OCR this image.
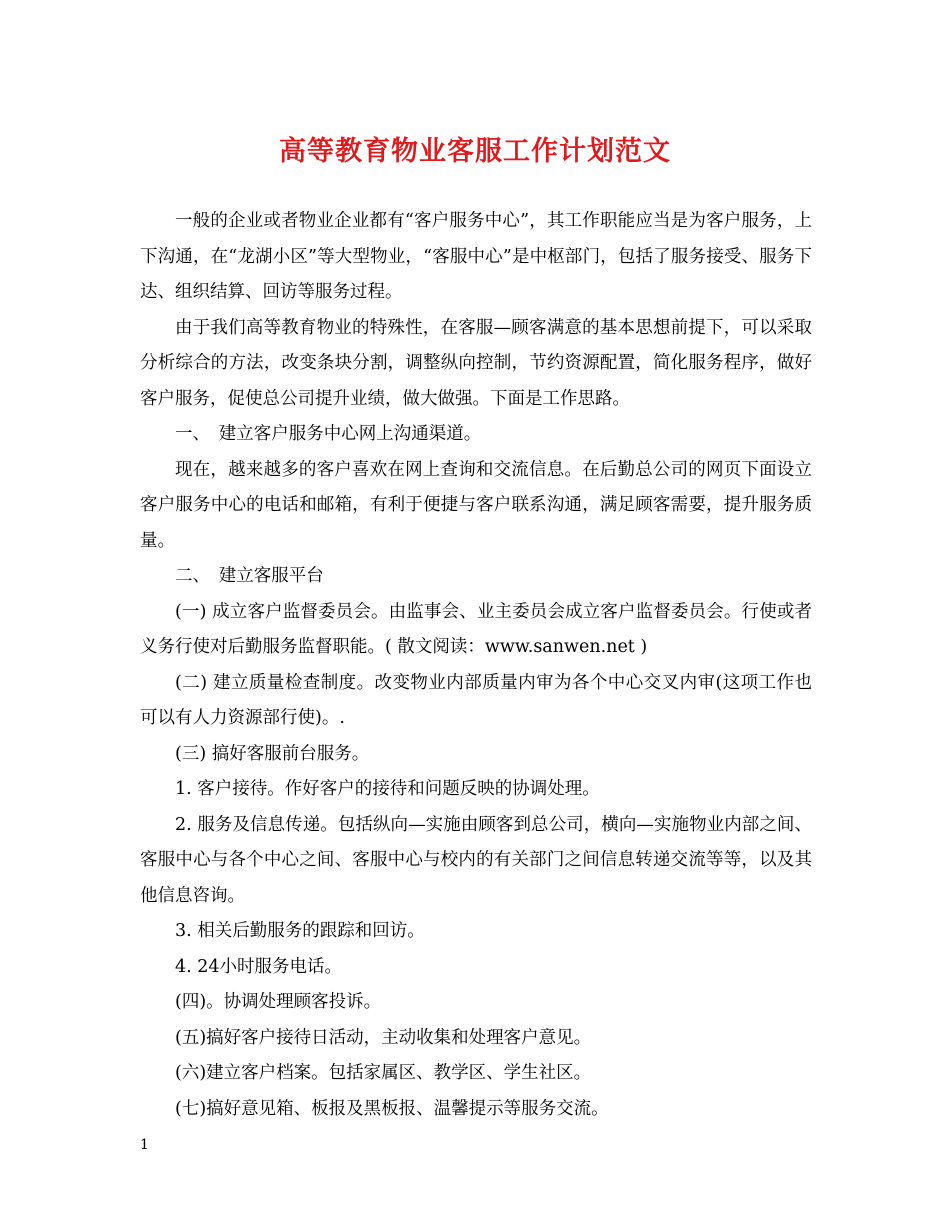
高等教育物业客服工作计划范文

一般的企业或者物业企业都有“客户服务中心”，其工作职能应当是为客户服务，上下沟通，在“龙湖小区”等大型物业，“客服中心”是中枢部门，包括了服务接受、服务下达、组织结算、回访等服务过程。

由于我们高等教育物业的特殊性，在客服—顾客满意的基本思想前提下，可以采取分析综合的方法，改变条块分割，调整纵向控制，节约资源配置，简化服务程序，做好客户服务，促使总公司提升业绩，做大做强。下面是工作思路。

一、　建立客户服务中心网上沟通渠道。

现在，越来越多的客户喜欢在网上查询和交流信息。在后勤总公司的网页下面设立客户服务中心的电话和邮箱，有利于便捷与客户联系沟通，满足顾客需要，提升服务质量。

二、　建立客服平台

(一) 成立客户监督委员会。由监事会、业主委员会成立客户监督委员会。行使或者义务行使对后勤服务监督职能。( 散文阅读：www.sanwen.net )

(二) 建立质量检查制度。改变物业内部质量内审为各个中心交叉内审(这项工作也可以有人力资源部行使)。.

(三) 搞好客服前台服务。

1. 客户接待。作好客户的接待和问题反映的协调处理。

2. 服务及信息传递。包括纵向—实施由顾客到总公司，横向—实施物业内部之间、客服中心与各个中心之间、客服中心与校内的有关部门之间信息转递交流等等，以及其他信息咨询。

3. 相关后勤服务的跟踪和回访。

4. 24小时服务电话。

(四)。协调处理顾客投诉。

(五)搞好客户接待日活动，主动收集和处理客户意见。

(六)建立客户档案。包括家属区、教学区、学生社区。

(七)搞好意见箱、板报及黑板报、温馨提示等服务交流。

1
